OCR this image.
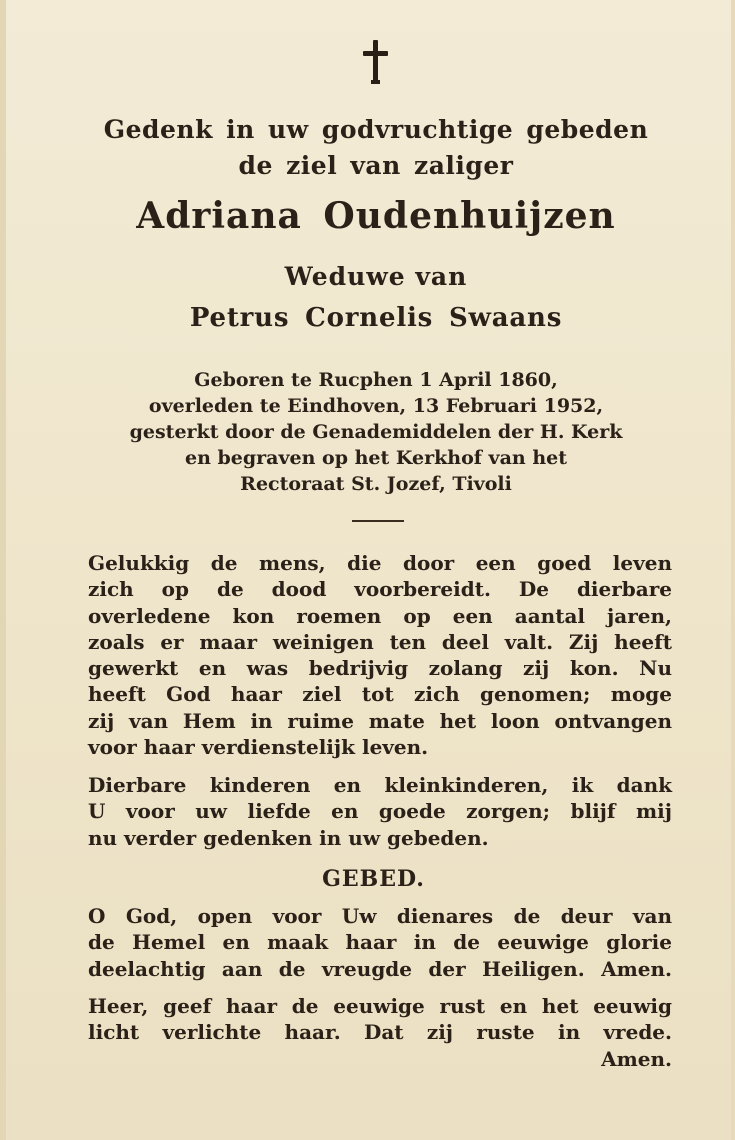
Gedenk in uw godvruchtige gebeden
de ziel van zaliger
Adriana Oudenhuijzen
Weduwe van
Petrus Cornelis Swaans
Geboren te Rucphen 1 April 1860,
overleden te Eindhoven, 13 Februari 1952,
gesterkt door de Genademiddelen der H. Kerk
en begraven op het Kerkhof van het
Rectoraat St. Jozef, Tivoli
Gelukkig de mens, die door een goed leven
zich op de dood voorbereidt. De dierbare
overledene kon roemen op een aantal jaren,
zoals er maar weinigen ten deel valt. Zij heeft
gewerkt en was bedrijvig zolang zij kon. Nu
heeft God haar ziel tot zich genomen; moge
zij van Hem in ruime mate het loon ontvangen
voor haar verdienstelijk leven.
Dierbare kinderen en kleinkinderen, ik dank
U voor uw liefde en goede zorgen; blijf mij
nu verder gedenken in uw gebeden.
GEBED.
O God, open voor Uw dienares de deur van
de Hemel en maak haar in de eeuwige glorie
deelachtig aan de vreugde der Heiligen. Amen.
Heer, geef haar de eeuwige rust en het eeuwig
licht verlichte haar. Dat zij ruste in vrede.
Amen.
